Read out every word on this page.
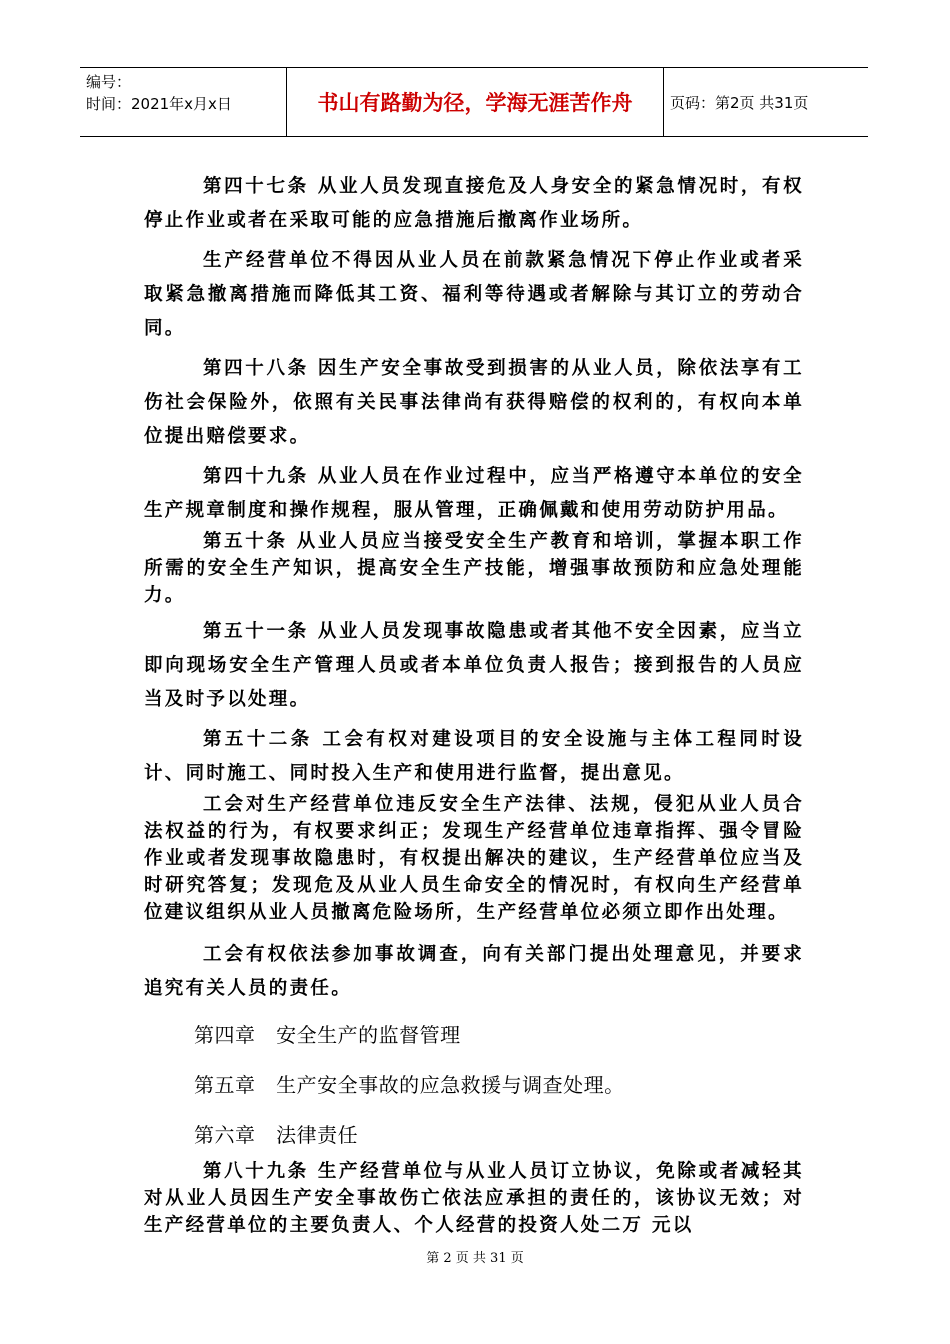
编号：
时间：2021年x月x日	书山有路勤为径，学海无涯苦作舟	页码：第2页 共31页

第四十七条 从业人员发现直接危及人身安全的紧急情况时，有权停止作业或者在采取可能的应急措施后撤离作业场所。

生产经营单位不得因从业人员在前款紧急情况下停止作业或者采取紧急撤离措施而降低其工资、福利等待遇或者解除与其订立的劳动合同。

第四十八条 因生产安全事故受到损害的从业人员，除依法享有工伤社会保险外，依照有关民事法律尚有获得赔偿的权利的，有权向本单位提出赔偿要求。

第四十九条 从业人员在作业过程中，应当严格遵守本单位的安全生产规章制度和操作规程，服从管理，正确佩戴和使用劳动防护用品。

第五十条 从业人员应当接受安全生产教育和培训，掌握本职工作所需的安全生产知识，提高安全生产技能，增强事故预防和应急处理能力。

第五十一条 从业人员发现事故隐患或者其他不安全因素，应当立即向现场安全生产管理人员或者本单位负责人报告；接到报告的人员应当及时予以处理。

第五十二条 工会有权对建设项目的安全设施与主体工程同时设计、同时施工、同时投入生产和使用进行监督，提出意见。

工会对生产经营单位违反安全生产法律、法规，侵犯从业人员合法权益的行为，有权要求纠正；发现生产经营单位违章指挥、强令冒险作业或者发现事故隐患时，有权提出解决的建议，生产经营单位应当及时研究答复；发现危及从业人员生命安全的情况时，有权向生产经营单位建议组织从业人员撤离危险场所，生产经营单位必须立即作出处理。

工会有权依法参加事故调查，向有关部门提出处理意见，并要求追究有关人员的责任。

第四章   安全生产的监督管理

第五章   生产安全事故的应急救援与调查处理。

第六章   法律责任

第八十九条 生产经营单位与从业人员订立协议，免除或者减轻其对从业人员因生产安全事故伤亡依法应承担的责任的，该协议无效；对生产经营单位的主要负责人、个人经营的投资人处二万 元以

第 2 页 共 31 页
